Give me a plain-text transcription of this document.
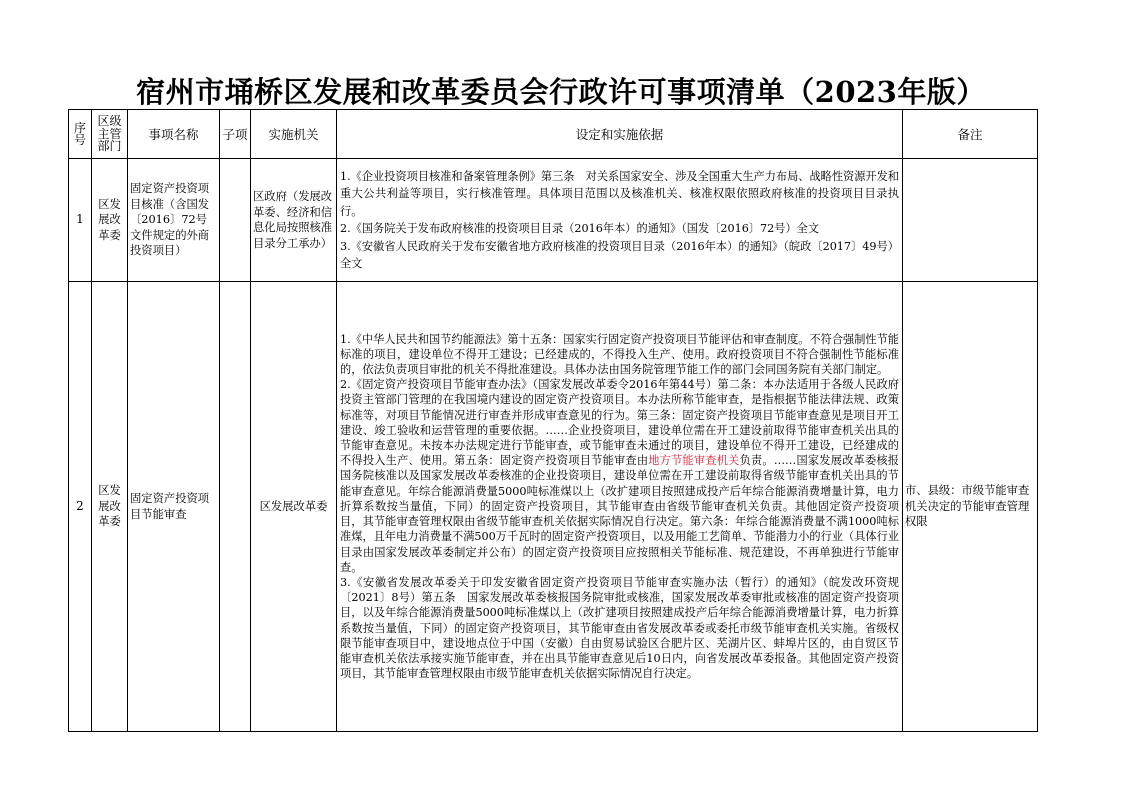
宿州市埇桥区发展和改革委员会行政许可事项清单（2023年版）
序号	区级主管部门	事项名称	子项	实施机关	设定和实施依据	备注
1	区发展改革委	固定资产投资项目核准（含国发〔2016〕72号文件规定的外商投资项目）		区政府（发展改革委、经济和信息化局按照核准目录分工承办）	1.《企业投资项目核准和备案管理条例》第三条　对关系国家安全、涉及全国重大生产力布局、战略性资源开发和重大公共利益等项目，实行核准管理。具体项目范围以及核准机关、核准权限依照政府核准的投资项目目录执行。
2.《国务院关于发布政府核准的投资项目目录（2016年本）的通知》（国发〔2016〕72号）全文
3.《安徽省人民政府关于发布安徽省地方政府核准的投资项目目录（2016年本）的通知》（皖政〔2017〕49号）全文	

2	区发展改革委	固定资产投资项目节能审查		区发展改革委	1.《中华人民共和国节约能源法》第十五条：国家实行固定资产投资项目节能评估和审查制度。不符合强制性节能标准的项目，建设单位不得开工建设；已经建成的，不得投入生产、使用。政府投资项目不符合强制性节能标准的，依法负责项目审批的机关不得批准建设。具体办法由国务院管理节能工作的部门会同国务院有关部门制定。
2.《固定资产投资项目节能审查办法》（国家发展改革委令2016年第44号）第二条：本办法适用于各级人民政府投资主管部门管理的在我国境内建设的固定资产投资项目。本办法所称节能审查，是指根据节能法律法规、政策标准等，对项目节能情况进行审查并形成审查意见的行为。第三条：固定资产投资项目节能审查意见是项目开工建设、竣工验收和运营管理的重要依据。……企业投资项目，建设单位需在开工建设前取得节能审查机关出具的节能审查意见。未按本办法规定进行节能审查，或节能审查未通过的项目，建设单位不得开工建设，已经建成的不得投入生产、使用。第五条：固定资产投资项目节能审查由地方节能审查机关负责。……国家发展改革委核报国务院核准以及国家发展改革委核准的企业投资项目，建设单位需在开工建设前取得省级节能审查机关出具的节能审查意见。年综合能源消费量5000吨标准煤以上（改扩建项目按照建成投产后年综合能源消费增量计算，电力折算系数按当量值，下同）的固定资产投资项目，其节能审查由省级节能审查机关负责。其他固定资产投资项目，其节能审查管理权限由省级节能审查机关依据实际情况自行决定。第六条：年综合能源消费量不满1000吨标准煤，且年电力消费量不满500万千瓦时的固定资产投资项目，以及用能工艺简单、节能潜力小的行业（具体行业目录由国家发展改革委制定并公布）的固定资产投资项目应按照相关节能标准、规范建设，不再单独进行节能审查。
3.《安徽省发展改革委关于印发安徽省固定资产投资项目节能审查实施办法（暂行）的通知》（皖发改环资规〔2021〕8号）第五条　国家发展改革委核报国务院审批或核准，国家发展改革委审批或核准的固定资产投资项目，以及年综合能源消费量5000吨标准煤以上（改扩建项目按照建成投产后年综合能源消费增量计算，电力折算系数按当量值，下同）的固定资产投资项目，其节能审查由省发展改革委或委托市级节能审查机关实施。省级权限节能审查项目中，建设地点位于中国（安徽）自由贸易试验区合肥片区、芜湖片区、蚌埠片区的，由自贸区节能审查机关依法承接实施节能审查，并在出具节能审查意见后10日内，向省发展改革委报备。其他固定资产投资项目，其节能审查管理权限由市级节能审查机关依据实际情况自行决定。	市、县级：市级节能审查机关决定的节能审查管理权限
